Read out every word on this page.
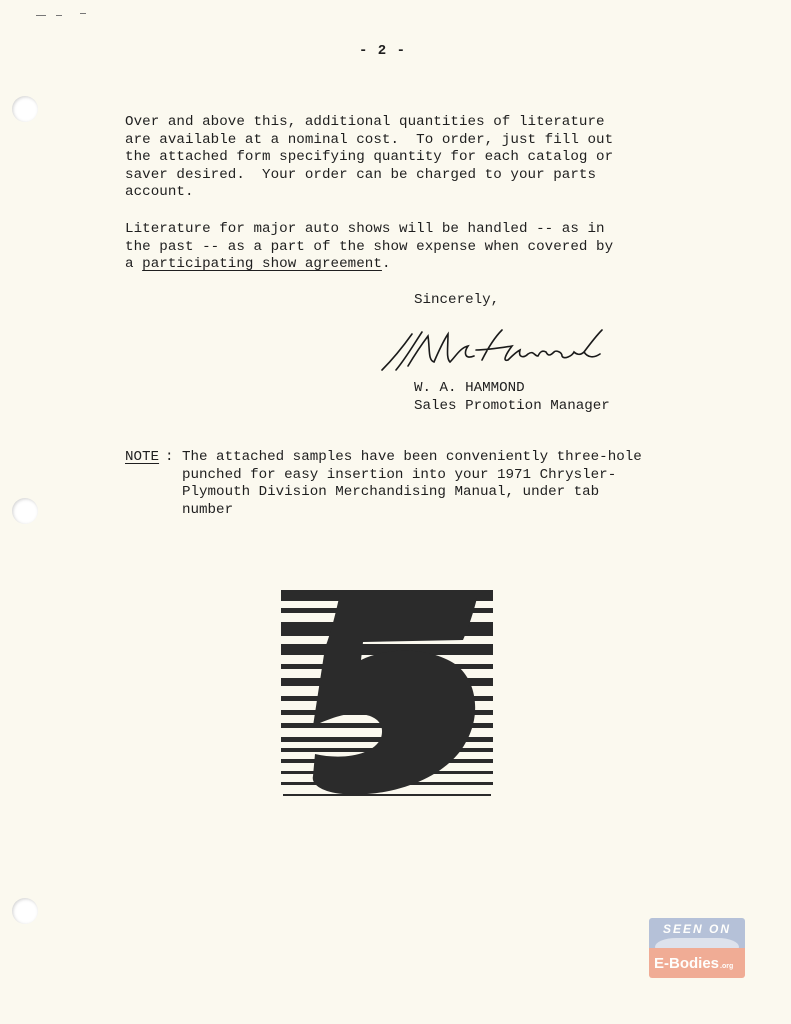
- 2 -
Over and above this, additional quantities of literature
are available at a nominal cost.  To order, just fill out
the attached form specifying quantity for each catalog or
saver desired.  Your order can be charged to your parts
account.
Literature for major auto shows will be handled -- as in
the past -- as a part of the show expense when covered by
a participating show agreement.
Sincerely,
W. A. HAMMOND
Sales Promotion Manager
NOTE : The attached samples have been conveniently three-hole
punched for easy insertion into your 1971 Chrysler-
Plymouth Division Merchandising Manual, under tab
number
SEEN ON
E-Bodies.org
